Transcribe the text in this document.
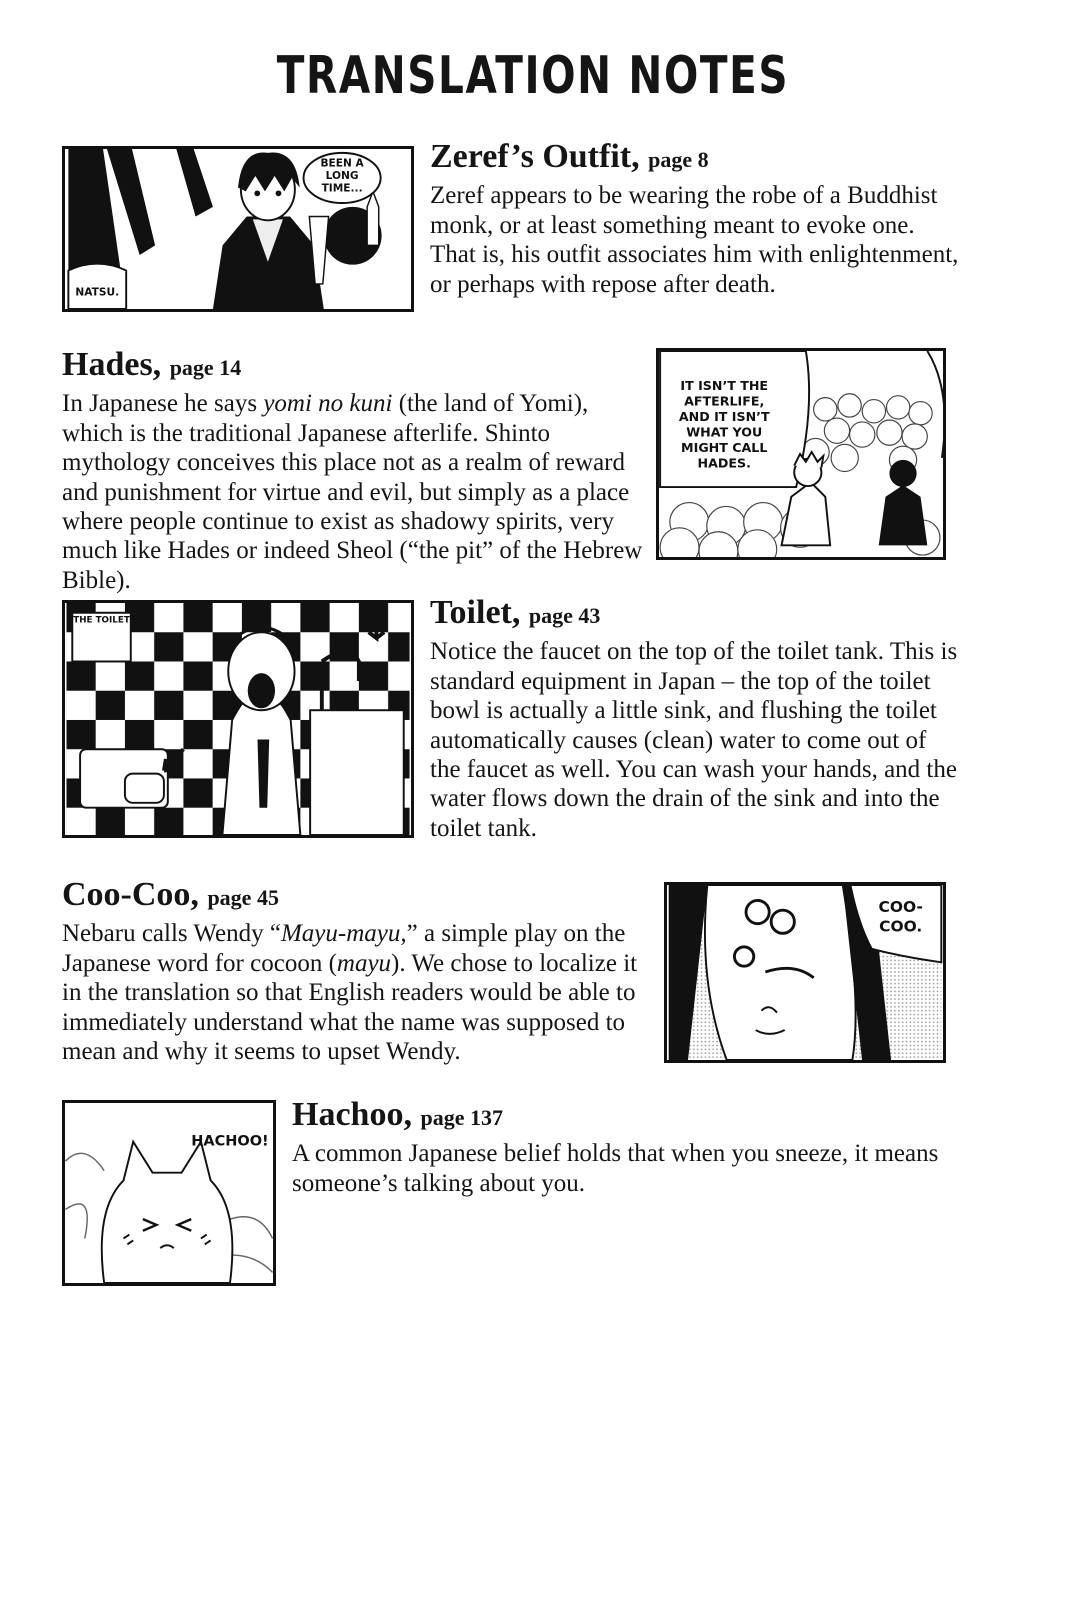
TRANSLATION NOTES
BEEN A
LONG
TIME...
NATSU.
Zeref’s Outfit, page 8

Zeref appears to be wearing the robe of a Buddhist monk, or at least something meant to evoke one. That is, his outfit associates him with enlightenment, or perhaps with repose after death.

Hades, page 14

In Japanese he says yomi no kuni (the land of Yomi), which is the traditional Japanese afterlife. Shinto mythology conceives this place not as a realm of reward and punishment for virtue and evil, but simply as a place where people continue to exist as shadowy spirits, very much like Hades or indeed Sheol (“the pit” of the Hebrew Bible).

IT ISN’T THE
AFTERLIFE,
AND IT ISN’T
WHAT YOU
MIGHT CALL
HADES.
THE TOILET	Toilet, page 43

Notice the faucet on the top of the toilet tank. This is standard equipment in Japan – the top of the toilet bowl is actually a little sink, and flushing the toilet automatically causes (clean) water to come out of the faucet as well. You can wash your hands, and the water flows down the drain of the sink and into the toilet tank.

Coo-Coo, page 45

Nebaru calls Wendy “Mayu-mayu,” a simple play on the Japanese word for cocoon (mayu). We chose to localize it in the translation so that English readers would be able to immediately understand what the name was supposed to mean and why it seems to upset Wendy.

COO-
COO.
HACHOO!
Hachoo, page 137

A common Japanese belief holds that when you sneeze, it means someone’s talking about you.
